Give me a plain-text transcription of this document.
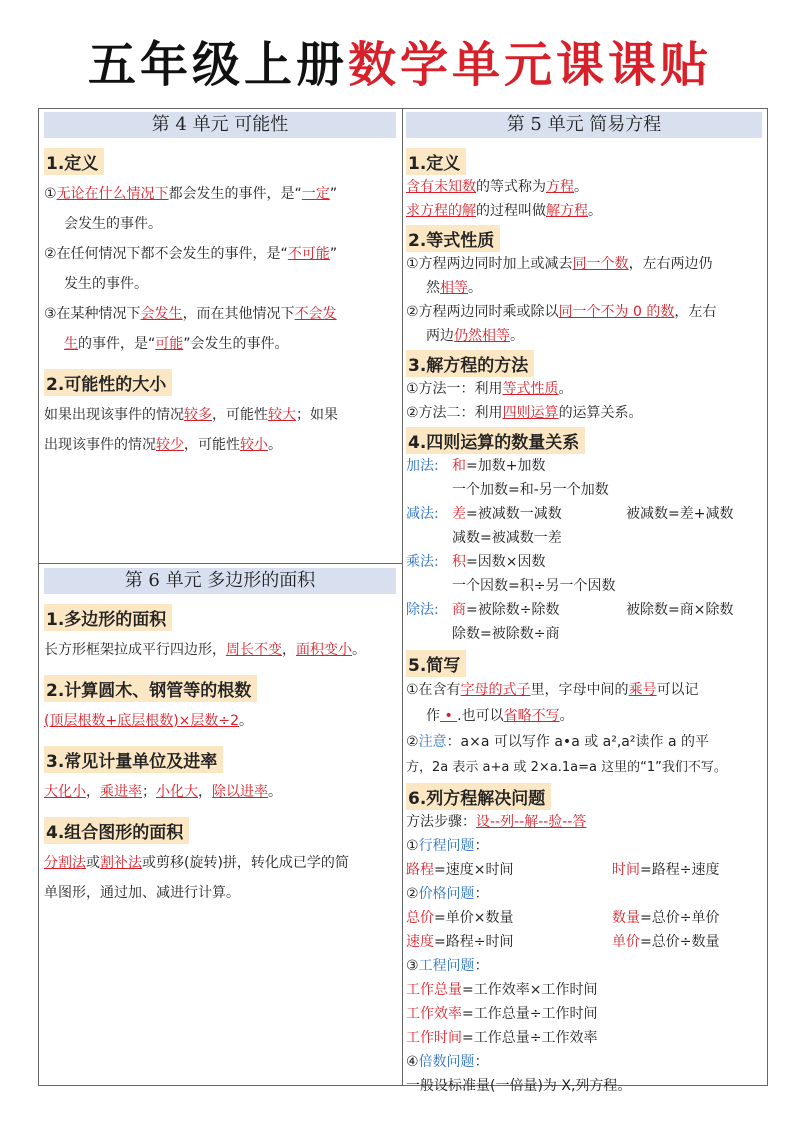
五年级上册数学单元课课贴
第 4 单元 可能性
1.定义

①无论在什么情况下都会发生的事件，是“一定”

会发生的事件。

②在任何情况下都不会发生的事件，是“不可能”

发生的事件。

③在某种情况下会发生，而在其他情况下不会发

生的事件，是“可能”会发生的事件。

2.可能性的大小

如果出现该事件的情况较多，可能性较大；如果

出现该事件的情况较少，可能性较小。

第 6 单元 多边形的面积
1.多边形的面积

长方形框架拉成平行四边形，周长不变，面积变小。

2.计算圆木、钢管等的根数

(顶层根数+底层根数)×层数÷2。

3.常见计量单位及进率

大化小，乘进率；小化大，除以进率。

4.组合图形的面积

分割法或割补法或剪移(旋转)拼，转化成已学的简

单图形，通过加、减进行计算。

第 5 单元 简易方程
1.定义

含有未知数的等式称为方程。

求方程的解的过程叫做解方程。

2.等式性质

①方程两边同时加上或减去同一个数，左右两边仍

然相等。

②方程两边同时乘或除以同一个不为 0 的数，左右

两边仍然相等。

3.解方程的方法

①方法一：利用等式性质。

②方法二：利用四则运算的运算关系。

4.四则运算的数量关系
加法: 和 =加数+加数
一个加数=和-另一个加数
减法: 差=被减数一减数	被减数=差+减数
减数=被减数一差
乘法: 积 =因数×因数
一个因数=积÷另一个因数
除法: 商=被除数÷除数	被除数=商×除数
除数=被除数÷商
5.简写

①在含有字母的式子里，字母中间的乘号可以记

作 • .也可以省略不写。

②注意：a×a 可以写作 a•a 或 a²,a²读作 a 的平

方，2a 表示 a+a 或 2×a.1a=a 这里的“1”我们不写。

6.列方程解决问题
方法步骤： 设--列--解--验--答
① 行程问题 ：
路程=速度×时间	时间=路程÷速度
② 价格问题 ：
总价=单价×数量	数量=总价÷单价
速度=路程÷时间	单价=总价÷数量
③ 工程问题 ：
工作总量 =工作效率×工作时间
工作效率 =工作总量÷工作时间
工作时间 =工作总量÷工作效率
④ 倍数问题 ：
一般设标准量(一倍量)为 X,列方程。
